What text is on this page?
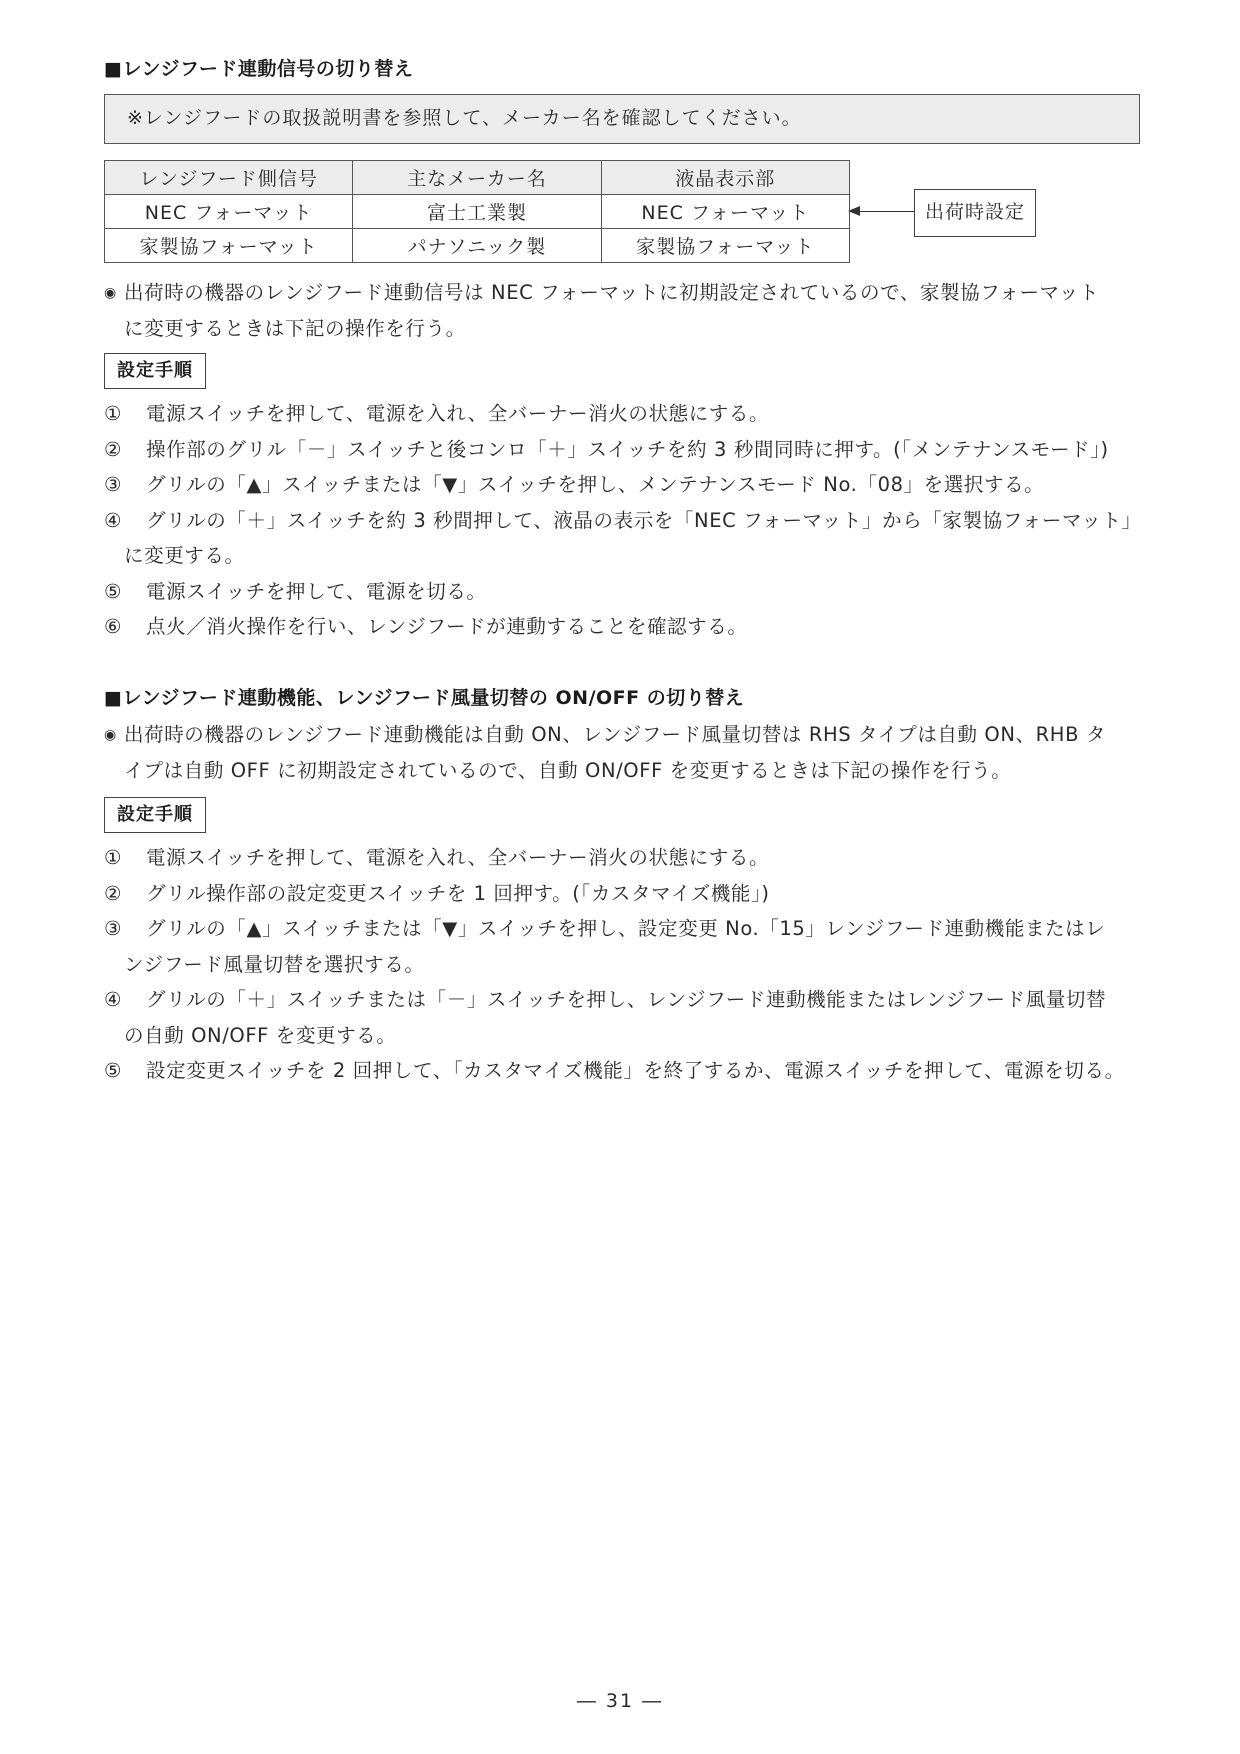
■レンジフード連動信号の切り替え
※レンジフードの取扱説明書を参照して、メーカー名を確認してください。
レンジフード側信号	主なメーカー名	液晶表示部
NEC フォーマット	富士工業製	NEC フォーマット
家製協フォーマット	パナソニック製	家製協フォーマット
出荷時設定
◉ 出荷時の機器のレンジフード連動信号は NEC フォーマットに初期設定されているので、家製協フォーマット
に変更するときは下記の操作を行う。
設定手順
① 電源スイッチを押して、電源を入れ、全バーナー消火の状態にする。
② 操作部のグリル「－」スイッチと後コンロ「＋」スイッチを約 3 秒間同時に押す。(「メンテナンスモード」)
③ グリルの「▲」スイッチまたは「▼」スイッチを押し、メンテナンスモード No.「08」を選択する。
④ グリルの「＋」スイッチを約 3 秒間押して、液晶の表示を「NEC フォーマット」から「家製協フォーマット」
に変更する。
⑤ 電源スイッチを押して、電源を切る。
⑥ 点火／消火操作を行い、レンジフードが連動することを確認する。
■レンジフード連動機能、レンジフード風量切替の ON/OFF の切り替え
◉ 出荷時の機器のレンジフード連動機能は自動 ON、レンジフード風量切替は RHS タイプは自動 ON、RHB タ
イプは自動 OFF に初期設定されているので、自動 ON/OFF を変更するときは下記の操作を行う。
設定手順
① 電源スイッチを押して、電源を入れ、全バーナー消火の状態にする。
② グリル操作部の設定変更スイッチを 1 回押す。(「カスタマイズ機能」)
③ グリルの「▲」スイッチまたは「▼」スイッチを押し、設定変更 No.「15」レンジフード連動機能またはレ
ンジフード風量切替を選択する。
④ グリルの「＋」スイッチまたは「－」スイッチを押し、レンジフード連動機能またはレンジフード風量切替
の自動 ON/OFF を変更する。
⑤ 設定変更スイッチを 2 回押して、「カスタマイズ機能」を終了するか、電源スイッチを押して、電源を切る。
― 31 ―
